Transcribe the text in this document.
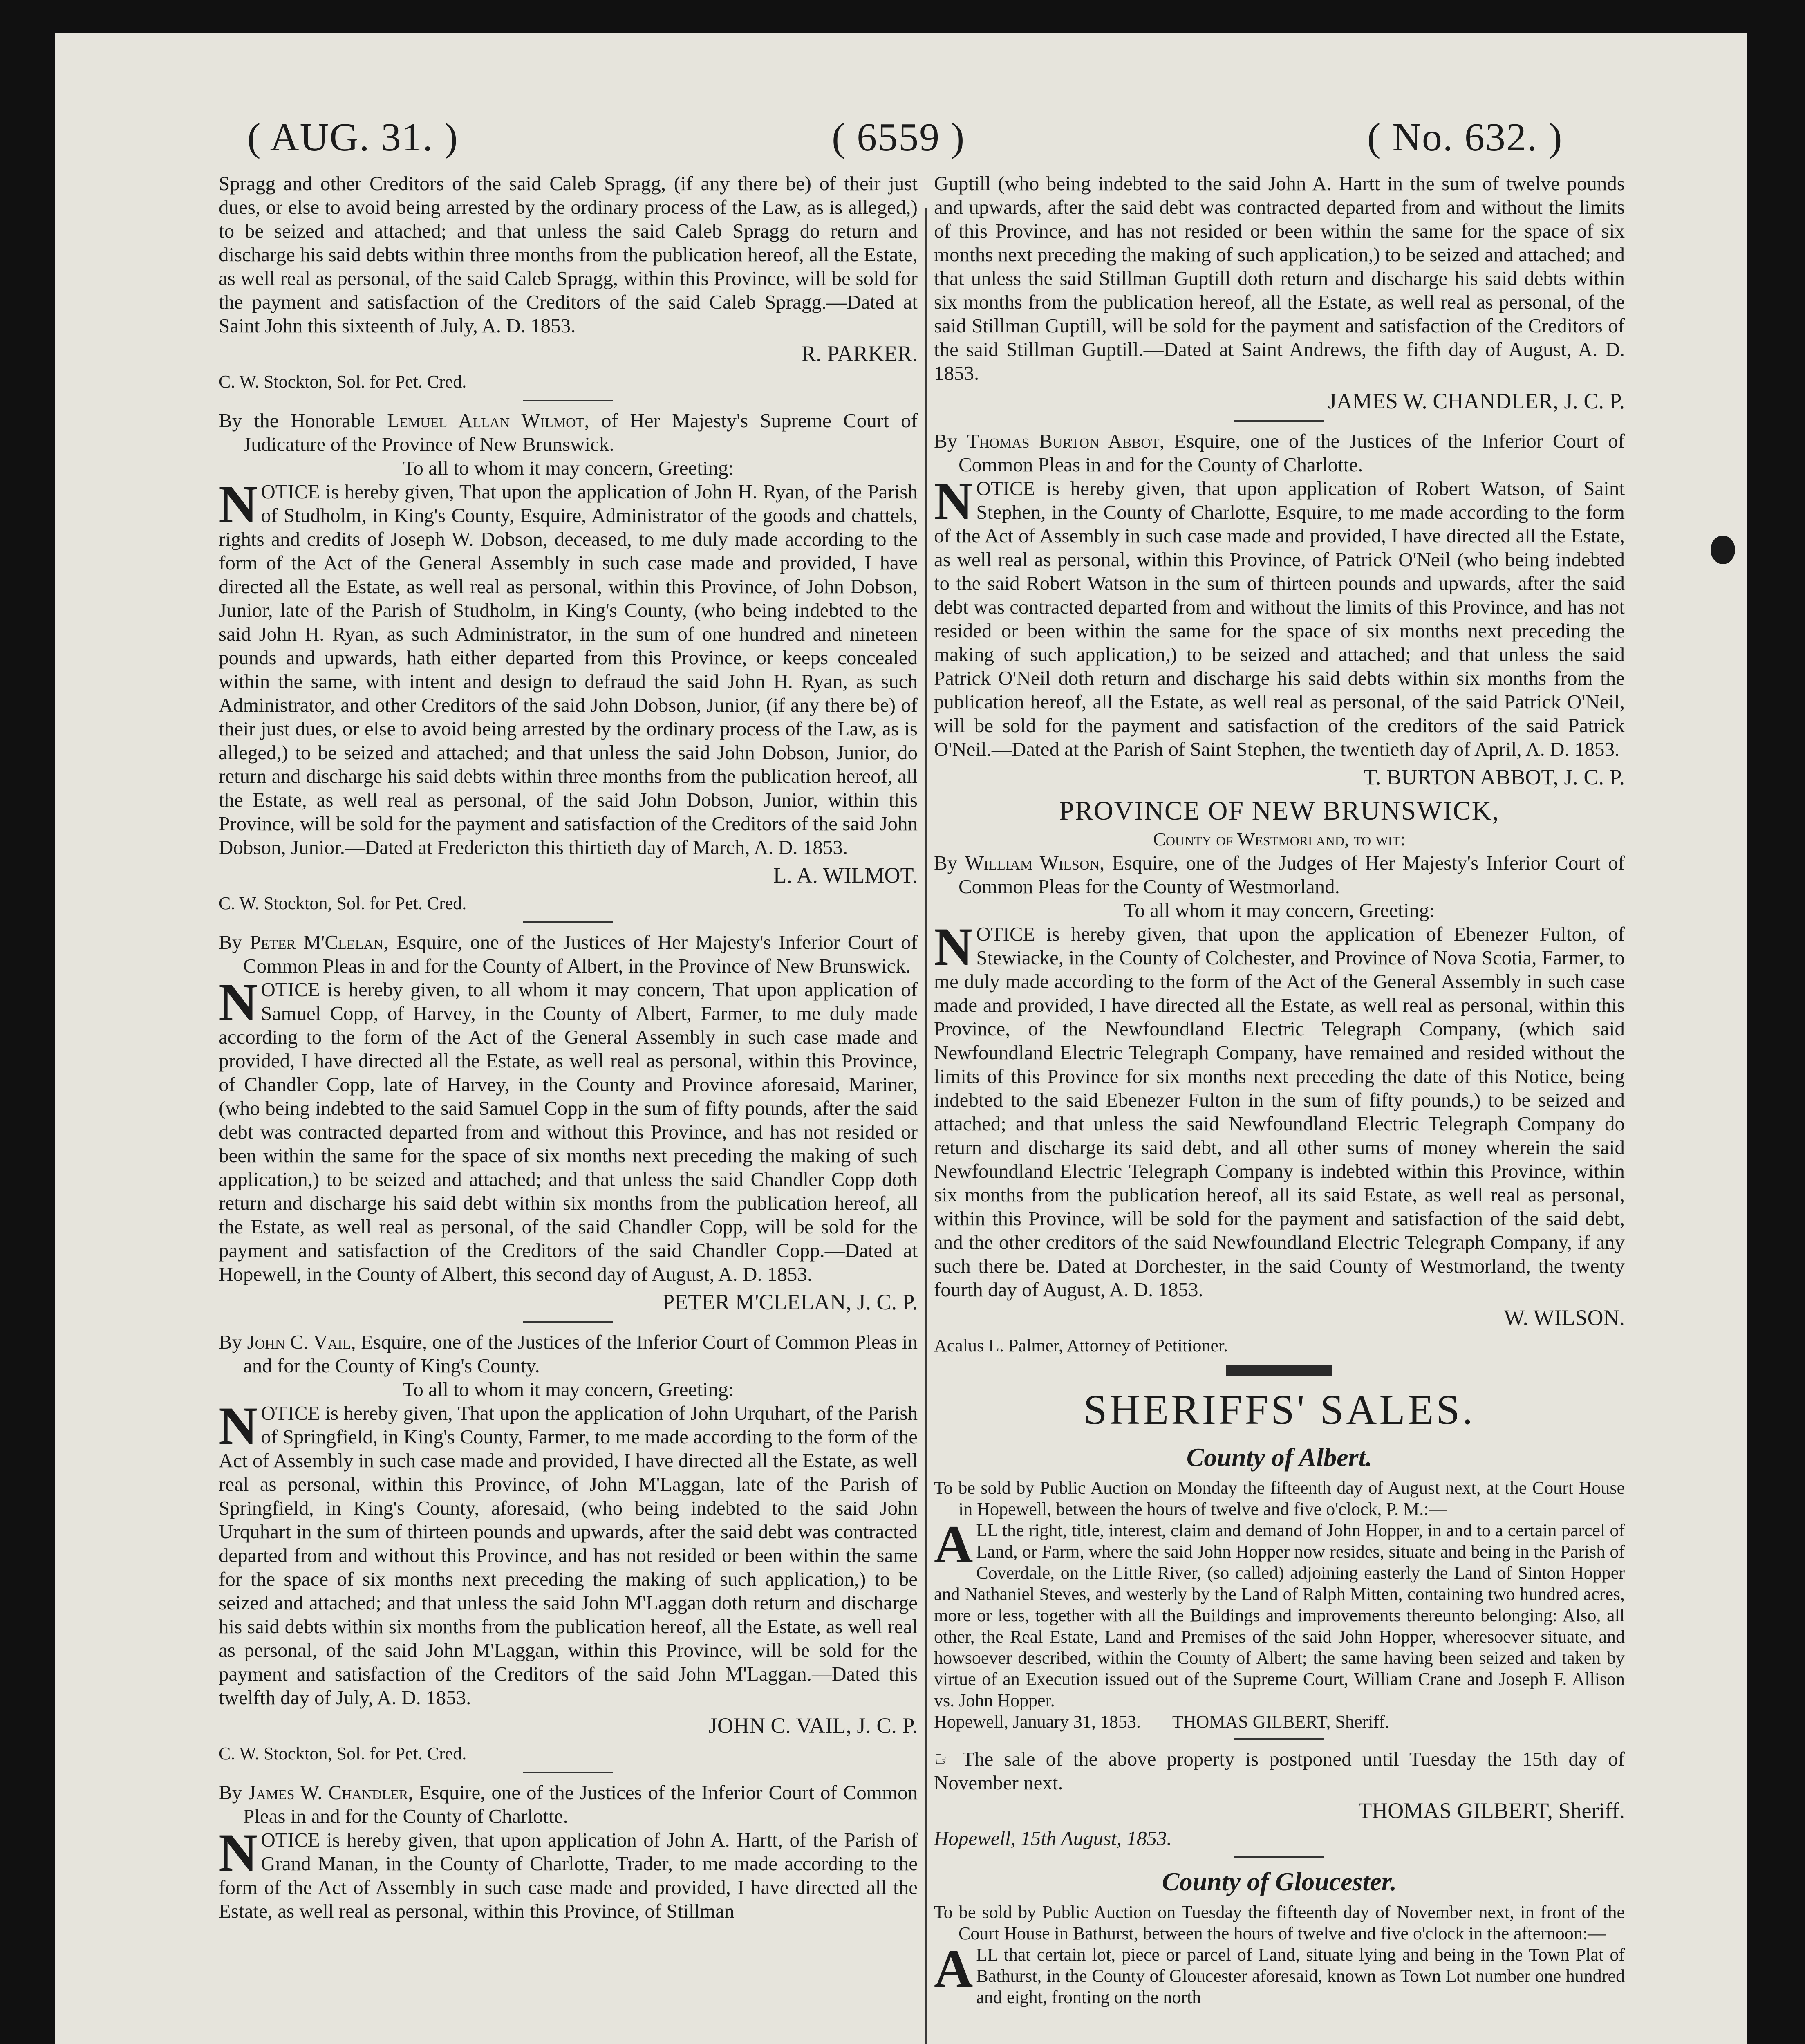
( AUG. 31. )	( 6559 )	( No. 632. )

Spragg and other Creditors of the said Caleb Spragg, (if any there be) of their just dues, or else to avoid being arrested by the ordinary process of the Law, as is alleged,) to be seized and attached; and that unless the said Caleb Spragg do return and discharge his said debts within three months from the publication hereof, all the Estate, as well real as personal, of the said Caleb Spragg, within this Province, will be sold for the payment and satisfaction of the Creditors of the said Caleb Spragg.—Dated at Saint John this sixteenth of July, A. D. 1853.

R. PARKER.
C. W. Stockton, Sol. for Pet. Cred.

By the Honorable Lemuel Allan Wilmot, of Her Majesty's Supreme Court of Judicature of the Province of New Brunswick.

To all to whom it may concern, Greeting:

NOTICE is hereby given, That upon the application of John H. Ryan, of the Parish of Studholm, in King's County, Esquire, Administrator of the goods and chattels, rights and credits of Joseph W. Dobson, deceased, to me duly made according to the form of the Act of the General Assembly in such case made and provided, I have directed all the Estate, as well real as personal, within this Province, of John Dobson, Junior, late of the Parish of Studholm, in King's County, (who being indebted to the said John H. Ryan, as such Administrator, in the sum of one hundred and nineteen pounds and upwards, hath either departed from this Province, or keeps concealed within the same, with intent and design to defraud the said John H. Ryan, as such Administrator, and other Creditors of the said John Dobson, Junior, (if any there be) of their just dues, or else to avoid being arrested by the ordinary process of the Law, as is alleged,) to be seized and attached; and that unless the said John Dobson, Junior, do return and discharge his said debts within three months from the publication hereof, all the Estate, as well real as personal, of the said John Dobson, Junior, within this Province, will be sold for the payment and satisfaction of the Creditors of the said John Dobson, Junior.—Dated at Fredericton this thirtieth day of March, A. D. 1853.

L. A. WILMOT.
C. W. Stockton, Sol. for Pet. Cred.

By Peter M'Clelan, Esquire, one of the Justices of Her Majesty's Inferior Court of Common Pleas in and for the County of Albert, in the Province of New Brunswick.

NOTICE is hereby given, to all whom it may concern, That upon application of Samuel Copp, of Harvey, in the County of Albert, Farmer, to me duly made according to the form of the Act of the General Assembly in such case made and provided, I have directed all the Estate, as well real as personal, within this Province, of Chandler Copp, late of Harvey, in the County and Province aforesaid, Mariner, (who being indebted to the said Samuel Copp in the sum of fifty pounds, after the said debt was contracted departed from and without this Province, and has not resided or been within the same for the space of six months next preceding the making of such application,) to be seized and attached; and that unless the said Chandler Copp doth return and discharge his said debt within six months from the publication hereof, all the Estate, as well real as personal, of the said Chandler Copp, will be sold for the payment and satisfaction of the Creditors of the said Chandler Copp.—Dated at Hopewell, in the County of Albert, this second day of August, A. D. 1853.

PETER M'CLELAN, J. C. P.

By John C. Vail, Esquire, one of the Justices of the Inferior Court of Common Pleas in and for the County of King's County.

To all to whom it may concern, Greeting:

NOTICE is hereby given, That upon the application of John Urquhart, of the Parish of Springfield, in King's County, Farmer, to me made according to the form of the Act of Assembly in such case made and provided, I have directed all the Estate, as well real as personal, within this Province, of John M'Laggan, late of the Parish of Springfield, in King's County, aforesaid, (who being indebted to the said John Urquhart in the sum of thirteen pounds and upwards, after the said debt was contracted departed from and without this Province, and has not resided or been within the same for the space of six months next preceding the making of such application,) to be seized and attached; and that unless the said John M'Laggan doth return and discharge his said debts within six months from the publication hereof, all the Estate, as well real as personal, of the said John M'Laggan, within this Province, will be sold for the payment and satisfaction of the Creditors of the said John M'Laggan.—Dated this twelfth day of July, A. D. 1853.

JOHN C. VAIL, J. C. P.
C. W. Stockton, Sol. for Pet. Cred.

By James W. Chandler, Esquire, one of the Justices of the Inferior Court of Common Pleas in and for the County of Charlotte.

NOTICE is hereby given, that upon application of John A. Hartt, of the Parish of Grand Manan, in the County of Charlotte, Trader, to me made according to the form of the Act of Assembly in such case made and provided, I have directed all the Estate, as well real as personal, within this Province, of Stillman

Guptill (who being indebted to the said John A. Hartt in the sum of twelve pounds and upwards, after the said debt was contracted departed from and without the limits of this Province, and has not resided or been within the same for the space of six months next preceding the making of such application,) to be seized and attached; and that unless the said Stillman Guptill doth return and discharge his said debts within six months from the publication hereof, all the Estate, as well real as personal, of the said Stillman Guptill, will be sold for the payment and satisfaction of the Creditors of the said Stillman Guptill.—Dated at Saint Andrews, the fifth day of August, A. D. 1853.

JAMES W. CHANDLER, J. C. P.

By Thomas Burton Abbot, Esquire, one of the Justices of the Inferior Court of Common Pleas in and for the County of Charlotte.

NOTICE is hereby given, that upon application of Robert Watson, of Saint Stephen, in the County of Charlotte, Esquire, to me made according to the form of the Act of Assembly in such case made and provided, I have directed all the Estate, as well real as personal, within this Province, of Patrick O'Neil (who being indebted to the said Robert Watson in the sum of thirteen pounds and upwards, after the said debt was contracted departed from and without the limits of this Province, and has not resided or been within the same for the space of six months next preceding the making of such application,) to be seized and attached; and that unless the said Patrick O'Neil doth return and discharge his said debts within six months from the publication hereof, all the Estate, as well real as personal, of the said Patrick O'Neil, will be sold for the payment and satisfaction of the creditors of the said Patrick O'Neil.—Dated at the Parish of Saint Stephen, the twentieth day of April, A. D. 1853.

T. BURTON ABBOT, J. C. P.
PROVINCE OF NEW BRUNSWICK,
County of Westmorland, to wit:

By William Wilson, Esquire, one of the Judges of Her Majesty's Inferior Court of Common Pleas for the County of Westmorland.

To all whom it may concern, Greeting:

NOTICE is hereby given, that upon the application of Ebenezer Fulton, of Stewiacke, in the County of Colchester, and Province of Nova Scotia, Farmer, to me duly made according to the form of the Act of the General Assembly in such case made and provided, I have directed all the Estate, as well real as personal, within this Province, of the Newfoundland Electric Telegraph Company, (which said Newfoundland Electric Telegraph Company, have remained and resided without the limits of this Province for six months next preceding the date of this Notice, being indebted to the said Ebenezer Fulton in the sum of fifty pounds,) to be seized and attached; and that unless the said Newfoundland Electric Telegraph Company do return and discharge its said debt, and all other sums of money wherein the said Newfoundland Electric Telegraph Company is indebted within this Province, within six months from the publication hereof, all its said Estate, as well real as personal, within this Province, will be sold for the payment and satisfaction of the said debt, and the other creditors of the said Newfoundland Electric Telegraph Company, if any such there be. Dated at Dorchester, in the said County of Westmorland, the twenty fourth day of August, A. D. 1853.

W. WILSON.
Acalus L. Palmer, Attorney of Petitioner.
SHERIFFS' SALES.
County of Albert.

To be sold by Public Auction on Monday the fifteenth day of August next, at the Court House in Hopewell, between the hours of twelve and five o'clock, P. M.:—

ALL the right, title, interest, claim and demand of John Hopper, in and to a certain parcel of Land, or Farm, where the said John Hopper now resides, situate and being in the Parish of Coverdale, on the Little River, (so called) adjoining easterly the Land of Sinton Hopper and Nathaniel Steves, and westerly by the Land of Ralph Mitten, containing two hundred acres, more or less, together with all the Buildings and improvements thereunto belonging: Also, all other, the Real Estate, Land and Premises of the said John Hopper, wheresoever situate, and howsoever described, within the County of Albert; the same having been seized and taken by virtue of an Execution issued out of the Supreme Court, William Crane and Joseph F. Allison vs. John Hopper.

Hopewell, January 31, 1853. THOMAS GILBERT, Sheriff.

☞ The sale of the above property is postponed until Tuesday the 15th day of November next.

THOMAS GILBERT, Sheriff.

Hopewell, 15th August, 1853.

County of Gloucester.

To be sold by Public Auction on Tuesday the fifteenth day of November next, in front of the Court House in Bathurst, between the hours of twelve and five o'clock in the afternoon:—

ALL that certain lot, piece or parcel of Land, situate lying and being in the Town Plat of Bathurst, in the County of Gloucester aforesaid, known as Town Lot number one hundred and eight, fronting on the north
